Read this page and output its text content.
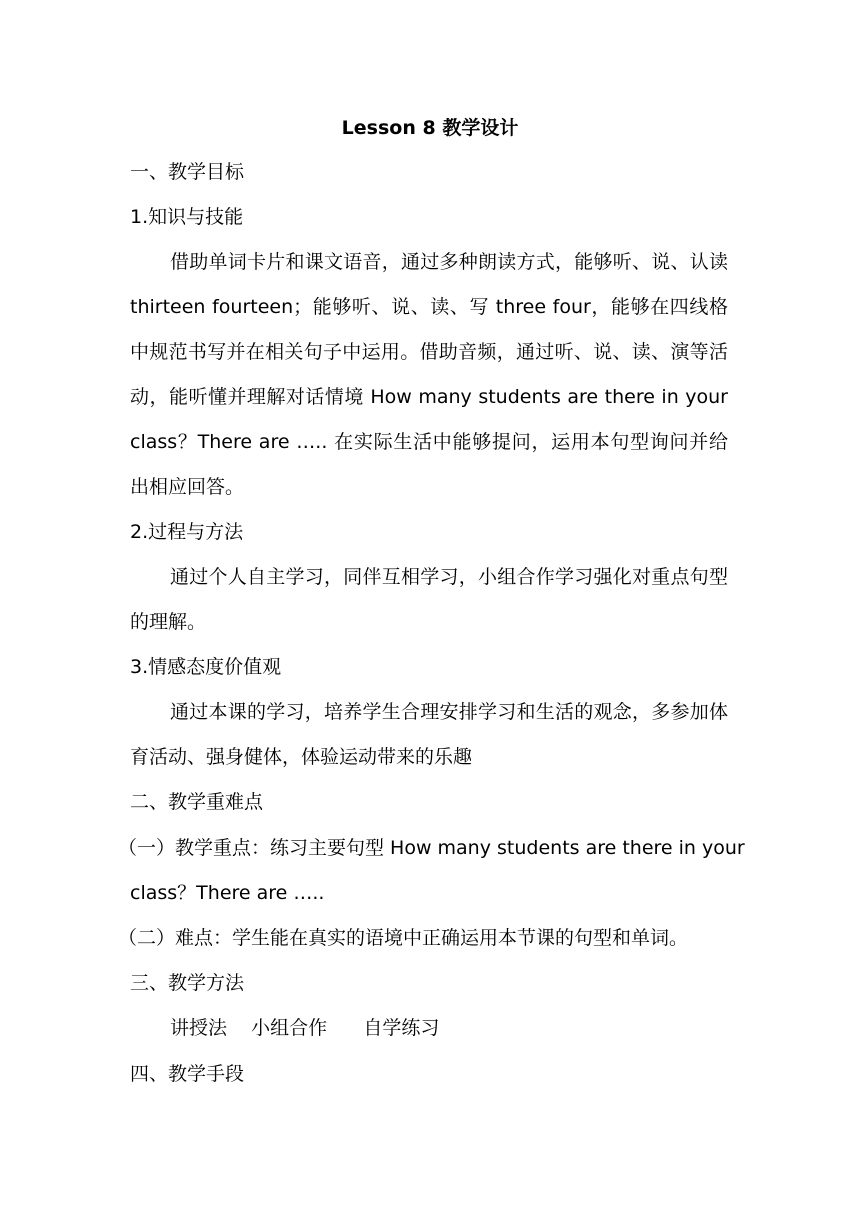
Lesson 8 教学设计
一、教学目标
1.知识与技能
借助单词卡片和课文语音，通过多种朗读方式，能够听、说、认读 thirteen fourteen；能够听、说、读、写 three four，能够在四线格中规范书写并在相关句子中运用。借助音频，通过听、说、读、演等活动，能听懂并理解对话情境 How many students are there in your class？There are ….. 在实际生活中能够提问，运用本句型询问并给出相应回答。
2.过程与方法
通过个人自主学习，同伴互相学习，小组合作学习强化对重点句型的理解。
3.情感态度价值观
通过本课的学习，培养学生合理安排学习和生活的观念，多参加体育活动、强身健体，体验运动带来的乐趣
二、教学重难点
（一）教学重点：练习主要句型 How many students are there in your
class？There are …..
（二）难点：学生能在真实的语境中正确运用本节课的句型和单词。
三、教学方法
讲授法    小组合作      自学练习
四、教学手段
